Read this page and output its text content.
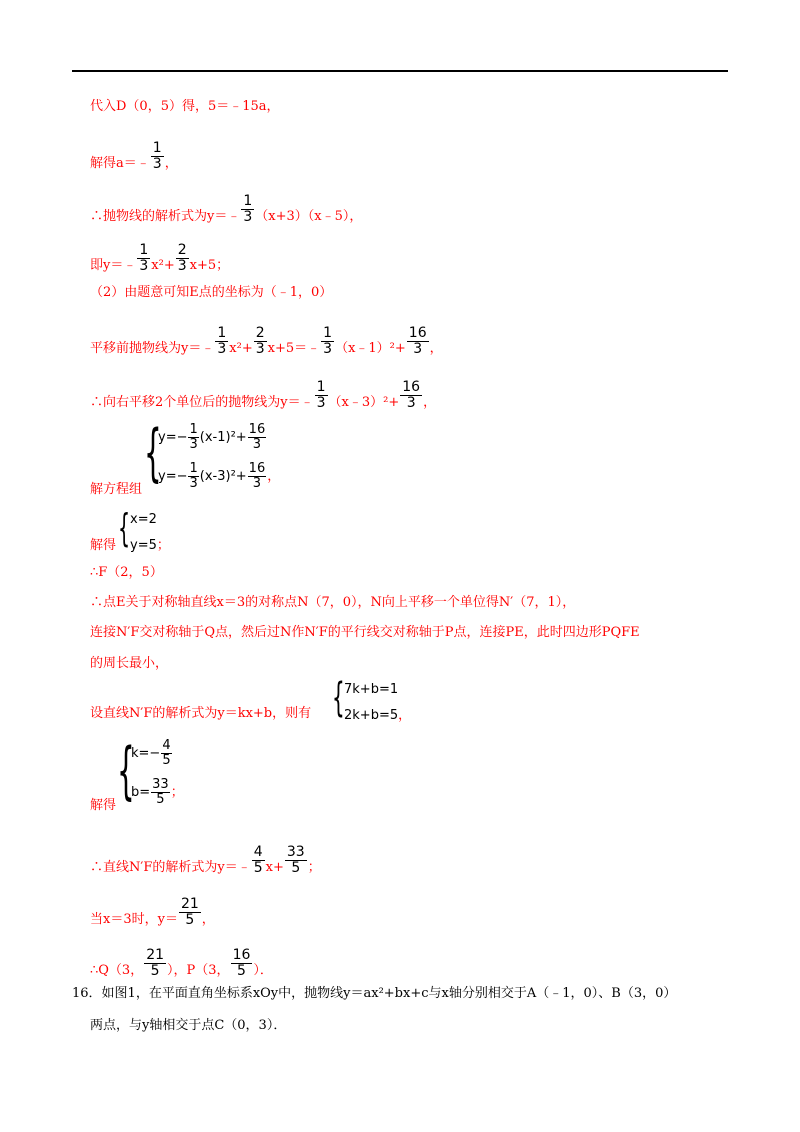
代入D（0，5）得，5＝﹣15a，
解得a＝﹣ $\frac{1}{3}$ ，
∴抛物线的解析式为y＝﹣ $\frac{1}{3}$ （x+3）（x﹣5），
即y＝﹣ $\frac{1}{3} x^2+ \frac{2}{3} x+5$；
（2）由题意可知E点的坐标为（﹣1，0）
平移前抛物线为y＝﹣ $\frac{1}{3} x^2+ \frac{2}{3}$ x+5＝﹣ $\frac{1}{3}$ （x﹣1）²+ $\frac{16}{3}$ ，
∴向右平移2个单位后的抛物线为y＝﹣ $\frac{1}{3}$ （x﹣3）²+ $\frac{16}{3}$ ，
解方程组
{
$y=- \frac{1}{3} (x-1)^2+ \frac{16}{3}$
$y=- \frac{1}{3} (x-3)^2+ \frac{16}{3}$ ，
解得 { x=2
y=5；
∴F（2，5）
∴点E关于对称轴直线x＝3的对称点N（7，0），N向上平移一个单位得N′（7，1），
连接N′F交对称轴于Q点，然后过N作N′F的平行线交对称轴于P点，连接PE，此时四边形PQFE
的周长最小，
设直线N′F的解析式为y＝kx+b，则有 { 7k+b=1
2k+b=5，
解得 {
$k=- \frac{4}{5}$
$b= \frac{33}{5}$ ；
∴直线N′F的解析式为y＝﹣ $\frac{4}{5} x+ \frac{33}{5}$ ；
当x＝3时，$y= \frac{21}{5}$ ，
∴Q（3， $\frac{21}{5}$ ），P（3， $\frac{16}{5}$ ）．
16．如图1，在平面直角坐标系xOy中，抛物线y＝ax²+bx+c与x轴分别相交于A（﹣1，0）、B（3，0）
两点，与y轴相交于点C（0，3）．
